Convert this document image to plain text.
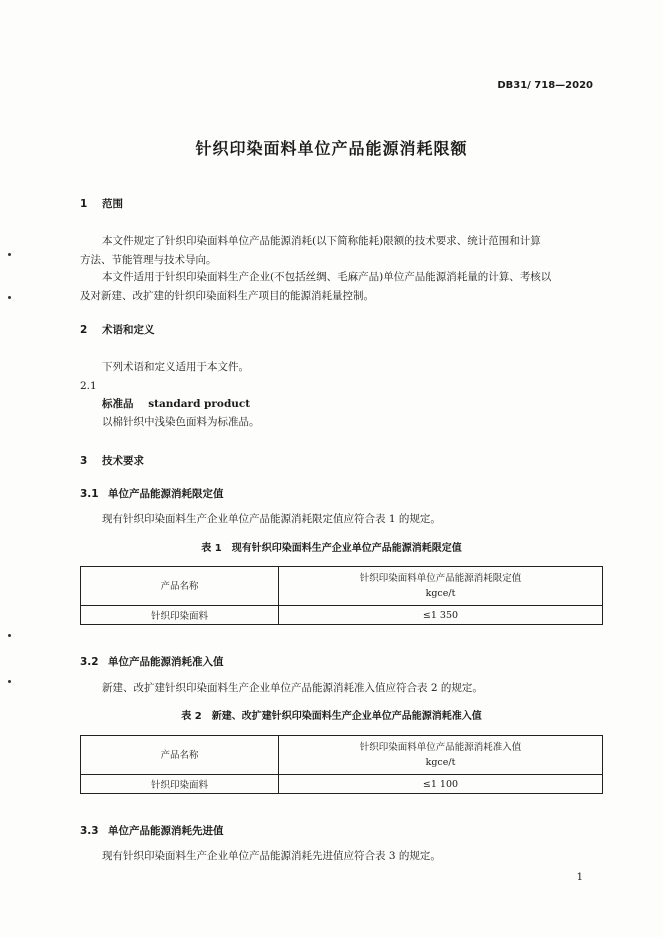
DB31/ 718—2020
针织印染面料单位产品能源消耗限额
1 范围
本文件规定了针织印染面料单位产品能源消耗(以下简称能耗)限额的技术要求、统计范围和计算
方法、节能管理与技术导向。
本文件适用于针织印染面料生产企业(不包括丝绸、毛麻产品)单位产品能源消耗量的计算、考核以
及对新建、改扩建的针织印染面料生产项目的能源消耗量控制。
2 术语和定义
下列术语和定义适用于本文件。
2.1
标准品 standard product
以棉针织中浅染色面料为标准品。
3 技术要求
3.1 单位产品能源消耗限定值
现有针织印染面料生产企业单位产品能源消耗限定值应符合表 1 的规定。
表 1　现有针织印染面料生产企业单位产品能源消耗限定值
产品名称	针织印染面料单位产品能源消耗限定值
kgce/t

针织印染面料	≤1 350
3.2 单位产品能源消耗准入值
新建、改扩建针织印染面料生产企业单位产品能源消耗准入值应符合表 2 的规定。
表 2　新建、改扩建针织印染面料生产企业单位产品能源消耗准入值
产品名称	针织印染面料单位产品能源消耗准入值
kgce/t

针织印染面料	≤1 100
3.3 单位产品能源消耗先进值
现有针织印染面料生产企业单位产品能源消耗先进值应符合表 3 的规定。
1
